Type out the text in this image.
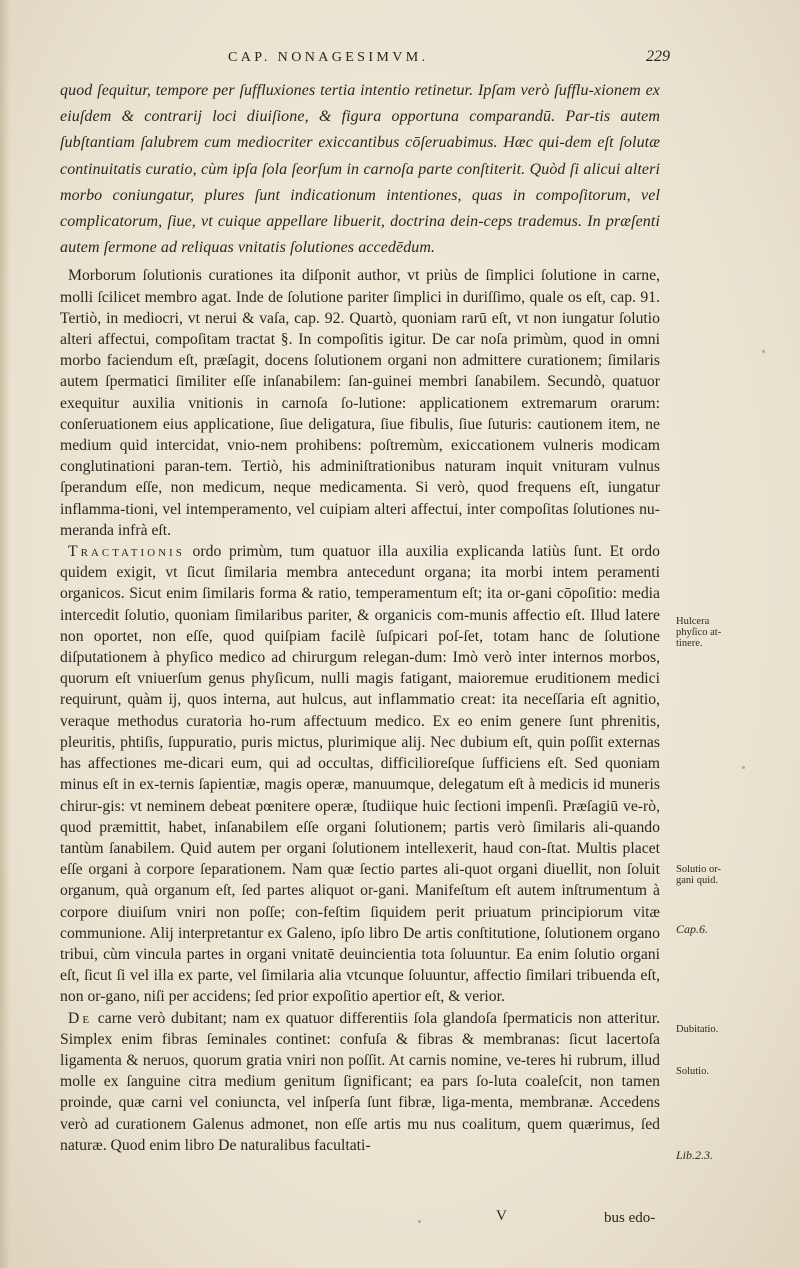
CAP. NONAGESIMVM.	229

quod ſequitur, tempore per ſuffluxiones tertia intentio retinetur. Ipſam verò ſufflu-xionem ex eiuſdem & contrarij loci diuiſione, & figura opportuna comparandū. Par-tis autem ſubſtantiam ſalubrem cum mediocriter exiccantibus cōſeruabimus. Hæc qui-dem eſt ſolutæ continuitatis curatio, cùm ipſa ſola ſeorſum in carnoſa parte conſtiterit. Quòd ſi alicui alteri morbo coniungatur, plures ſunt indicationum intentiones, quas in compoſitorum, vel complicatorum, ſiue, vt cuique appellare libuerit, doctrina dein-ceps trademus. In præſenti autem ſermone ad reliquas vnitatis ſolutiones accedēdum.

Morborum ſolutionis curationes ita diſponit author, vt priùs de ſimplici ſolutione in carne, molli ſcilicet membro agat. Inde de ſolutione pariter ſimplici in duriſſimo, quale os eſt, cap. 91. Tertiò, in mediocri, vt nerui & vaſa, cap. 92. Quartò, quoniam rarū eſt, vt non iungatur ſolutio alteri affectui, compoſitam tractat §. In compoſitis igitur. De car noſa primùm, quod in omni morbo faciendum eſt, præſagit, docens ſolutionem organi non admittere curationem; ſimilaris autem ſpermatici ſimiliter eſſe inſanabilem: ſan-guinei membri ſanabilem. Secundò, quatuor exequitur auxilia vnitionis in carnoſa ſo-lutione: applicationem extremarum orarum: conſeruationem eius applicatione, ſiue deligatura, ſiue fibulis, ſiue ſuturis: cautionem item, ne medium quid intercidat, vnio-nem prohibens: poſtremùm, exiccationem vulneris modicam conglutinationi paran-tem. Tertiò, his adminiſtrationibus naturam inquit vnituram vulnus ſperandum eſſe, non medicum, neque medicamenta. Si verò, quod frequens eſt, iungatur inflamma-tioni, vel intemperamento, vel cuipiam alteri affectui, inter compoſitas ſolutiones nu-meranda infrà eſt.

Tractationis ordo primùm, tum quatuor illa auxilia explicanda latiùs ſunt. Et ordo quidem exigit, vt ſicut ſimilaria membra antecedunt organa; ita morbi intem peramenti organicos. Sicut enim ſimilaris forma & ratio, temperamentum eſt; ita or-gani cōpoſitio: media intercedit ſolutio, quoniam ſimilaribus pariter, & organicis com-munis affectio eſt. Illud latere non oportet, non eſſe, quod quiſpiam facilè ſuſpicari poſ-ſet, totam hanc de ſolutione diſputationem à phyſico medico ad chirurgum relegan-dum: Imò verò inter internos morbos, quorum eſt vniuerſum genus phyſicum, nulli magis fatigant, maioremue eruditionem medici requirunt, quàm ij, quos interna, aut hulcus, aut inflammatio creat: ita neceſſaria eſt agnitio, veraque methodus curatoria ho-rum affectuum medico. Ex eo enim genere ſunt phrenitis, pleuritis, phtiſis, ſuppuratio, puris mictus, plurimique alij. Nec dubium eſt, quin poſſit externas has affectiones me-dicari eum, qui ad occultas, difficilioreſque ſufficiens eſt. Sed quoniam minus eſt in ex-ternis ſapientiæ, magis operæ, manuumque, delegatum eſt à medicis id muneris chirur-gis: vt neminem debeat pœnitere operæ, ſtudiique huic ſectioni impenſi. Præſagiū ve-rò, quod præmittit, habet, inſanabilem eſſe organi ſolutionem; partis verò ſimilaris ali-quando tantùm ſanabilem. Quid autem per organi ſolutionem intellexerit, haud con-ſtat. Multis placet eſſe organi à corpore ſeparationem. Nam quæ ſectio partes ali-quot organi diuellit, non ſoluit organum, quà organum eſt, ſed partes aliquot or-gani. Manifeſtum eſt autem inſtrumentum à corpore diuiſum vniri non poſſe; con-feſtim ſiquidem perit priuatum principiorum vitæ communione. Alij interpretantur ex Galeno, ipſo libro De artis conſtitutione, ſolutionem organo tribui, cùm vincula partes in organi vnitatē deuincientia tota ſoluuntur. Ea enim ſolutio organi eſt, ſicut ſi vel illa ex parte, vel ſimilaria alia vtcunque ſoluuntur, affectio ſimilari tribuenda eſt, non or-gano, niſi per accidens; ſed prior expoſitio apertior eſt, & verior.

De carne verò dubitant; nam ex quatuor differentiis ſola glandoſa ſpermaticis non atteritur. Simplex enim fibras ſeminales continet: confuſa & fibras & membranas: ſicut lacertoſa ligamenta & neruos, quorum gratia vniri non poſſit. At carnis nomine, ve-teres hi rubrum, illud molle ex ſanguine citra medium genitum ſignificant; ea pars ſo-luta coaleſcit, non tamen proinde, quæ carni vel coniuncta, vel inſperſa ſunt fibræ, liga-menta, membranæ. Accedens verò ad curationem Galenus admonet, non eſſe artis mu nus coalitum, quem quærimus, ſed naturæ. Quod enim libro De naturalibus facultati-

Hulcera
phyſico at-
tinere.
Solutio or-
gani quid.
Cap.6.
Dubitatio.
Solutio.
Lib.2.3.
V	bus edo-
